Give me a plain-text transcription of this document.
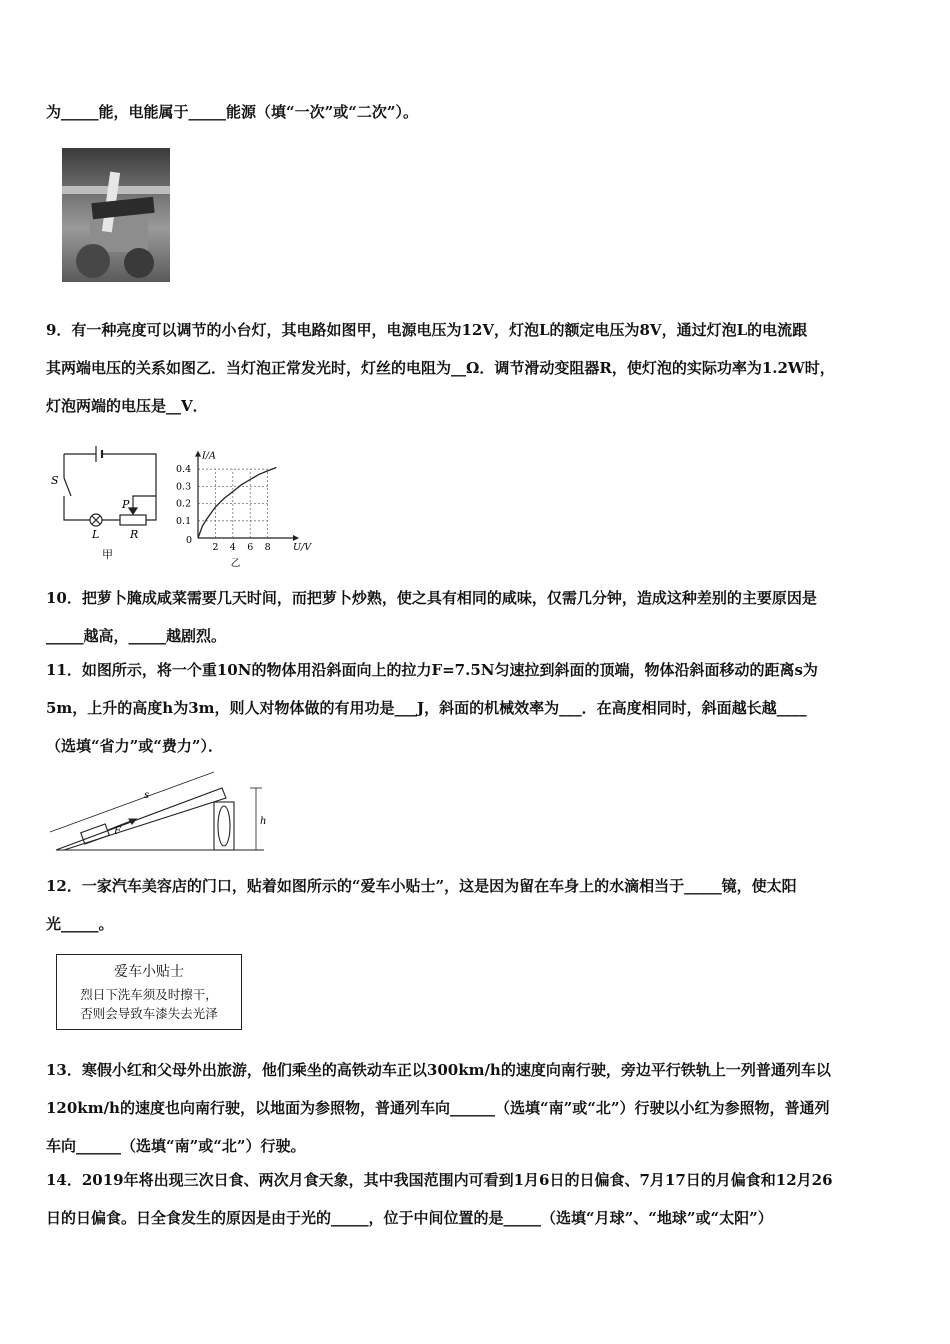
为_____能，电能属于_____能源（填“一次”或“二次”）。
9．有一种亮度可以调节的小台灯，其电路如图甲，电源电压为12V，灯泡L的额定电压为8V，通过灯泡L的电流跟
其两端电压的关系如图乙．当灯泡正常发光时，灯丝的电阻为__Ω．调节滑动变阻器R，使灯泡的实际功率为1.2W时，
灯泡两端的电压是__V．
S
P
L	R
甲
2 4 6 8
0.1
0.2
0.3
0.4
0
U/V
I/A
乙
10．把萝卜腌成咸菜需要几天时间，而把萝卜炒熟，使之具有相同的咸味，仅需几分钟，造成这种差别的主要原因是
_____越高，_____越剧烈。
11．如图所示，将一个重10N的物体用沿斜面向上的拉力F=7.5N匀速拉到斜面的顶端，物体沿斜面移动的距离s为
5m，上升的高度h为3m，则人对物体做的有用功是___J，斜面的机械效率为___．在高度相同时，斜面越长越____
（选填“省力”或“费力”）．
s
F
h
12．一家汽车美容店的门口，贴着如图所示的“爱车小贴士”，这是因为留在车身上的水滴相当于_____镜，使太阳
光_____。
爱车小贴士
烈日下洗车须及时擦干，
否则会导致车漆失去光泽
13．寒假小红和父母外出旅游，他们乘坐的高铁动车正以300km/h的速度向南行驶，旁边平行铁轨上一列普通列车以
120km/h的速度也向南行驶，以地面为参照物，普通列车向______（选填“南”或“北”）行驶以小红为参照物，普通列
车向______（选填“南”或“北”）行驶。
14．2019年将出现三次日食、两次月食天象，其中我国范围内可看到1月6日的日偏食、7月17日的月偏食和12月26
日的日偏食。日全食发生的原因是由于光的_____，位于中间位置的是_____（选填“月球”、“地球”或“太阳”）
